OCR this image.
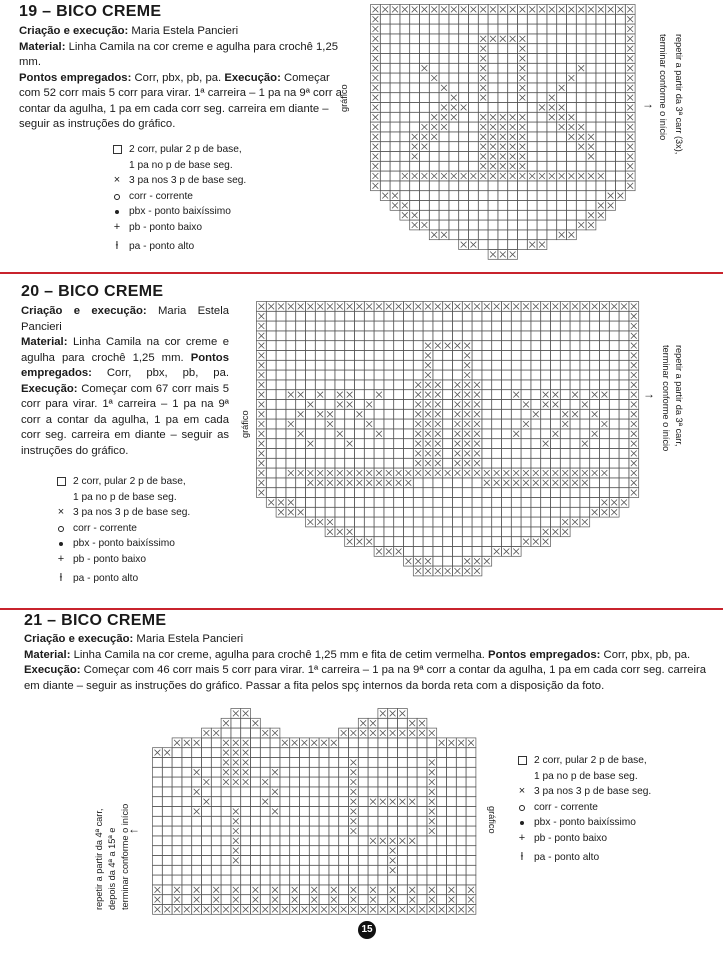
19 – BICO CREME
Criação e execução: Maria Estela Pancieri
Material: Linha Camila na cor creme e agulha para crochê 1,25 mm.
Pontos empregados: Corr, pbx, pb, pa. Execução: Começar com 52 corr mais 5 corr para virar. 1ª carreira – 1 pa na 9ª corr a contar da agulha, 1 pa em cada corr seg. carreira em diante – seguir as instruções do gráfico.
2 corr, pular 2 p de base,
1 pa no p de base seg.
× 3 pa nos 3 p de base seg.
corr - corrente
pbx - ponto baixíssimo
+ pb - ponto baixo
ƚ	pa - ponto alto
gráfico	→ repetir a partir da 3ª carr (3x),
terminar conforme o início
20 – BICO CREME
Criação e execução: Maria Estela Pancieri
Material: Linha Camila na cor creme e agulha para crochê 1,25 mm. Pontos empregados: Corr, pbx, pb, pa. Execução: Começar com 67 corr mais 5 corr para virar. 1ª carreira – 1 pa na 9ª corr a contar da agulha, 1 pa em cada corr seg. carreira em diante – seguir as instruções do gráfico.
2 corr, pular 2 p de base,
1 pa no p de base seg.
× 3 pa nos 3 p de base seg.
corr - corrente
pbx - ponto baixíssimo
+ pb - ponto baixo
ƚ	pa - ponto alto
gráfico
→ repetir a partir da 3ª carr,
terminar conforme o início
21 – BICO CREME
Criação e execução: Maria Estela Pancieri
Material: Linha Camila na cor creme, agulha para crochê 1,25 mm e fita de cetim vermelha. Pontos empregados: Corr, pbx, pb, pa. Execução: Começar com 46 corr mais 5 corr para virar. 1ª carreira – 1 pa na 9ª corr a contar da agulha, 1 pa em cada corr seg. carreira em diante – seguir as instruções do gráfico. Passar a fita pelos spç internos da borda reta com a disposição da foto.
repetir a partir da 4ª carr, depois da 4ª a 15ª e terminar conforme o início
←	gráfico
2 corr, pular 2 p de base,
1 pa no p de base seg.
× 3 pa nos 3 p de base seg.
corr - corrente
pbx - ponto baixíssimo
+ pb - ponto baixo
ƚ	pa - ponto alto
15
